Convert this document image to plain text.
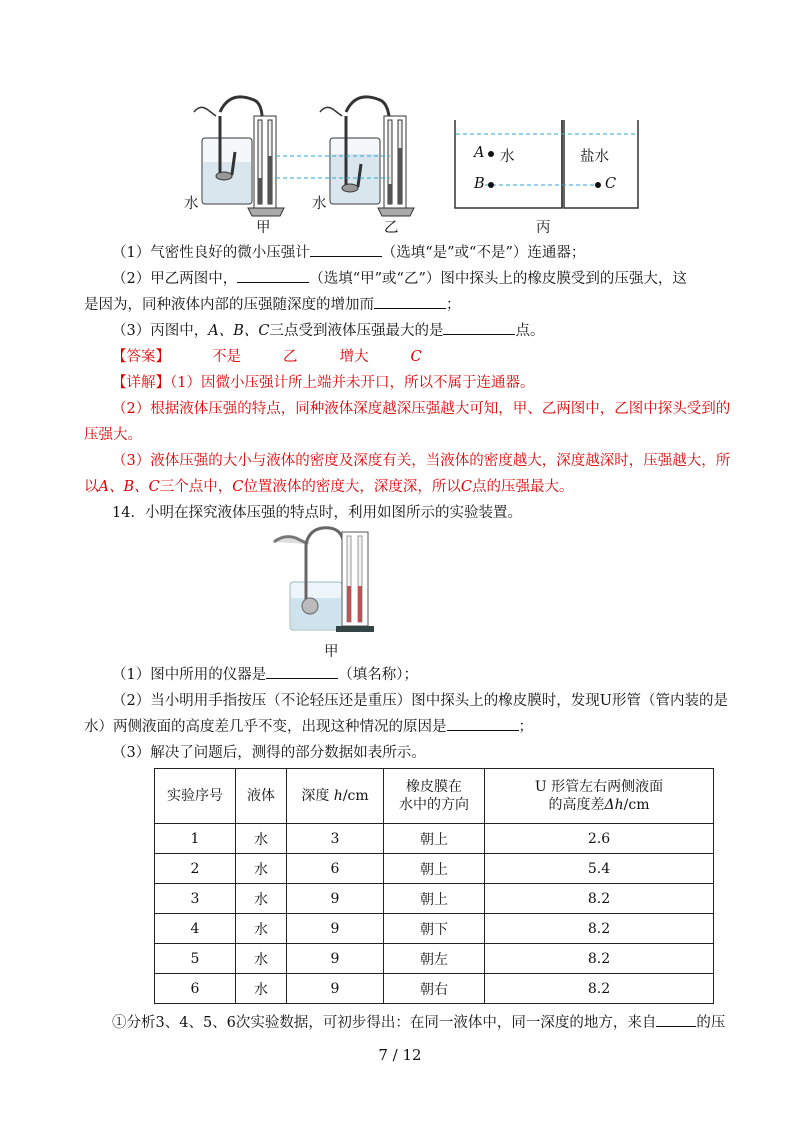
水	水
甲	乙	丙
A 水
B
盐水
C
（1）气密性良好的微小压强计	（选填“是”或“不是”）连通器；
（2）甲乙两图中，	（选填“甲”或“乙”）图中探头上的橡皮膜受到的压强大，这
是因为，同种液体内部的压强随深度的增加而	；
（3）丙图中，A、B、C三点受到液体压强最大的是	点。
【答案】	不是	乙	增大	C
【详解】（1）因微小压强计所上端并未开口，所以不属于连通器。
（2）根据液体压强的特点，同种液体深度越深压强越大可知，甲、乙两图中，乙图中探头受到的
压强大。
（3）液体压强的大小与液体的密度及深度有关，当液体的密度越大，深度越深时，压强越大，所
以A、B、C三个点中，C位置液体的密度大，深度深，所以C点的压强最大。
14．小明在探究液体压强的特点时，利用如图所示的实验装置。
甲
（1）图中所用的仪器是	（填名称）；
（2）当小明用手指按压（不论轻压还是重压）图中探头上的橡皮膜时，发现U形管（管内装的是
水）两侧液面的高度差几乎不变，出现这种情况的原因是	；
（3）解决了问题后，测得的部分数据如表所示。
实验序号	液体	深度 h/cm	橡皮膜在
水中的方向	U 形管左右两侧液面
的高度差Δh/cm
1	水	3	朝上	2.6
2	水	6	朝上	5.4
3	水	9	朝上	8.2
4	水	9	朝下	8.2
5	水	9	朝左	8.2
6	水	9	朝右	8.2
①分析3、4、5、6次实验数据，可初步得出：在同一液体中，同一深度的地方，来自	的压
7 / 12
